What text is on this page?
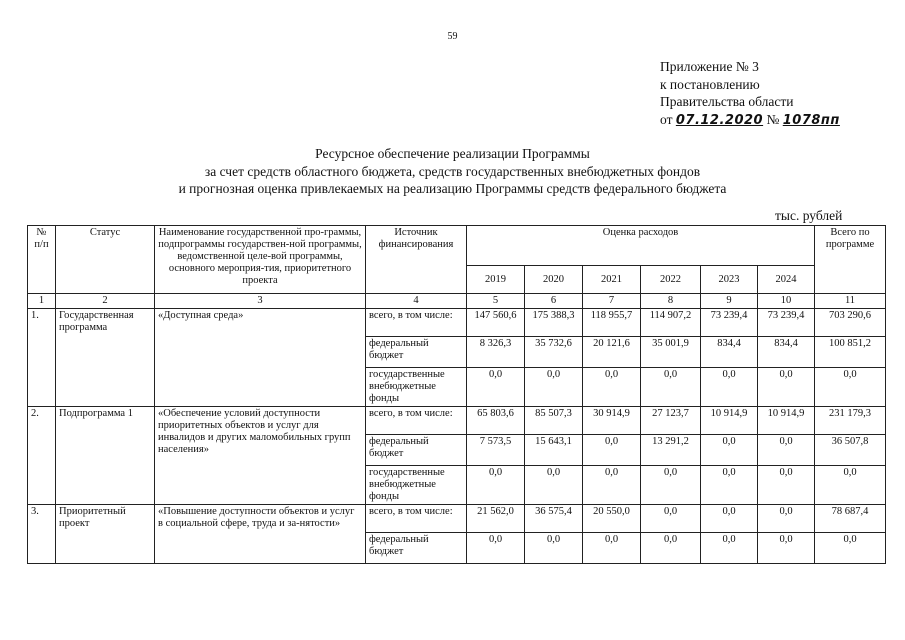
59
Приложение № 3
к постановлению
Правительства области
от 07.12.2020 № 1078пп
Ресурсное обеспечение реализации Программы
за счет средств областного бюджета, средств государственных внебюджетных фондов
и прогнозная оценка привлекаемых на реализацию Программы средств федерального бюджета
тыс. рублей
№ п/п	Статус	Наименование государственной про-граммы, подпрограммы государствен-ной программы, ведомственной целе-вой программы, основного мероприя-тия, приоритетного проекта	Источник финансирования	Оценка расходов						Всего по программе
				2019	2020	2021	2022	2023	2024	
1	2	3	4	5	6	7	8	9	10	11
1.	Государственная программа	«Доступная среда»	всего, в том числе:	147 560,6	175 388,3	118 955,7	114 907,2	73 239,4	73 239,4	703 290,6
			федеральный бюджет	8 326,3	35 732,6	20 121,6	35 001,9	834,4	834,4	100 851,2
			государственные внебюджетные фонды	0,0	0,0	0,0	0,0	0,0	0,0	0,0
2.	Подпрограмма 1	«Обеспечение условий доступности приоритетных объектов и услуг для инвалидов и других маломобильных групп населения»	всего, в том числе:	65 803,6	85 507,3	30 914,9	27 123,7	10 914,9	10 914,9	231 179,3
			федеральный бюджет	7 573,5	15 643,1	0,0	13 291,2	0,0	0,0	36 507,8
			государственные внебюджетные фонды	0,0	0,0	0,0	0,0	0,0	0,0	0,0
3.	Приоритетный проект	«Повышение доступности объектов и услуг в социальной сфере, труда и за-нятости»	всего, в том числе:	21 562,0	36 575,4	20 550,0	0,0	0,0	0,0	78 687,4
			федеральный бюджет	0,0	0,0	0,0	0,0	0,0	0,0	0,0
